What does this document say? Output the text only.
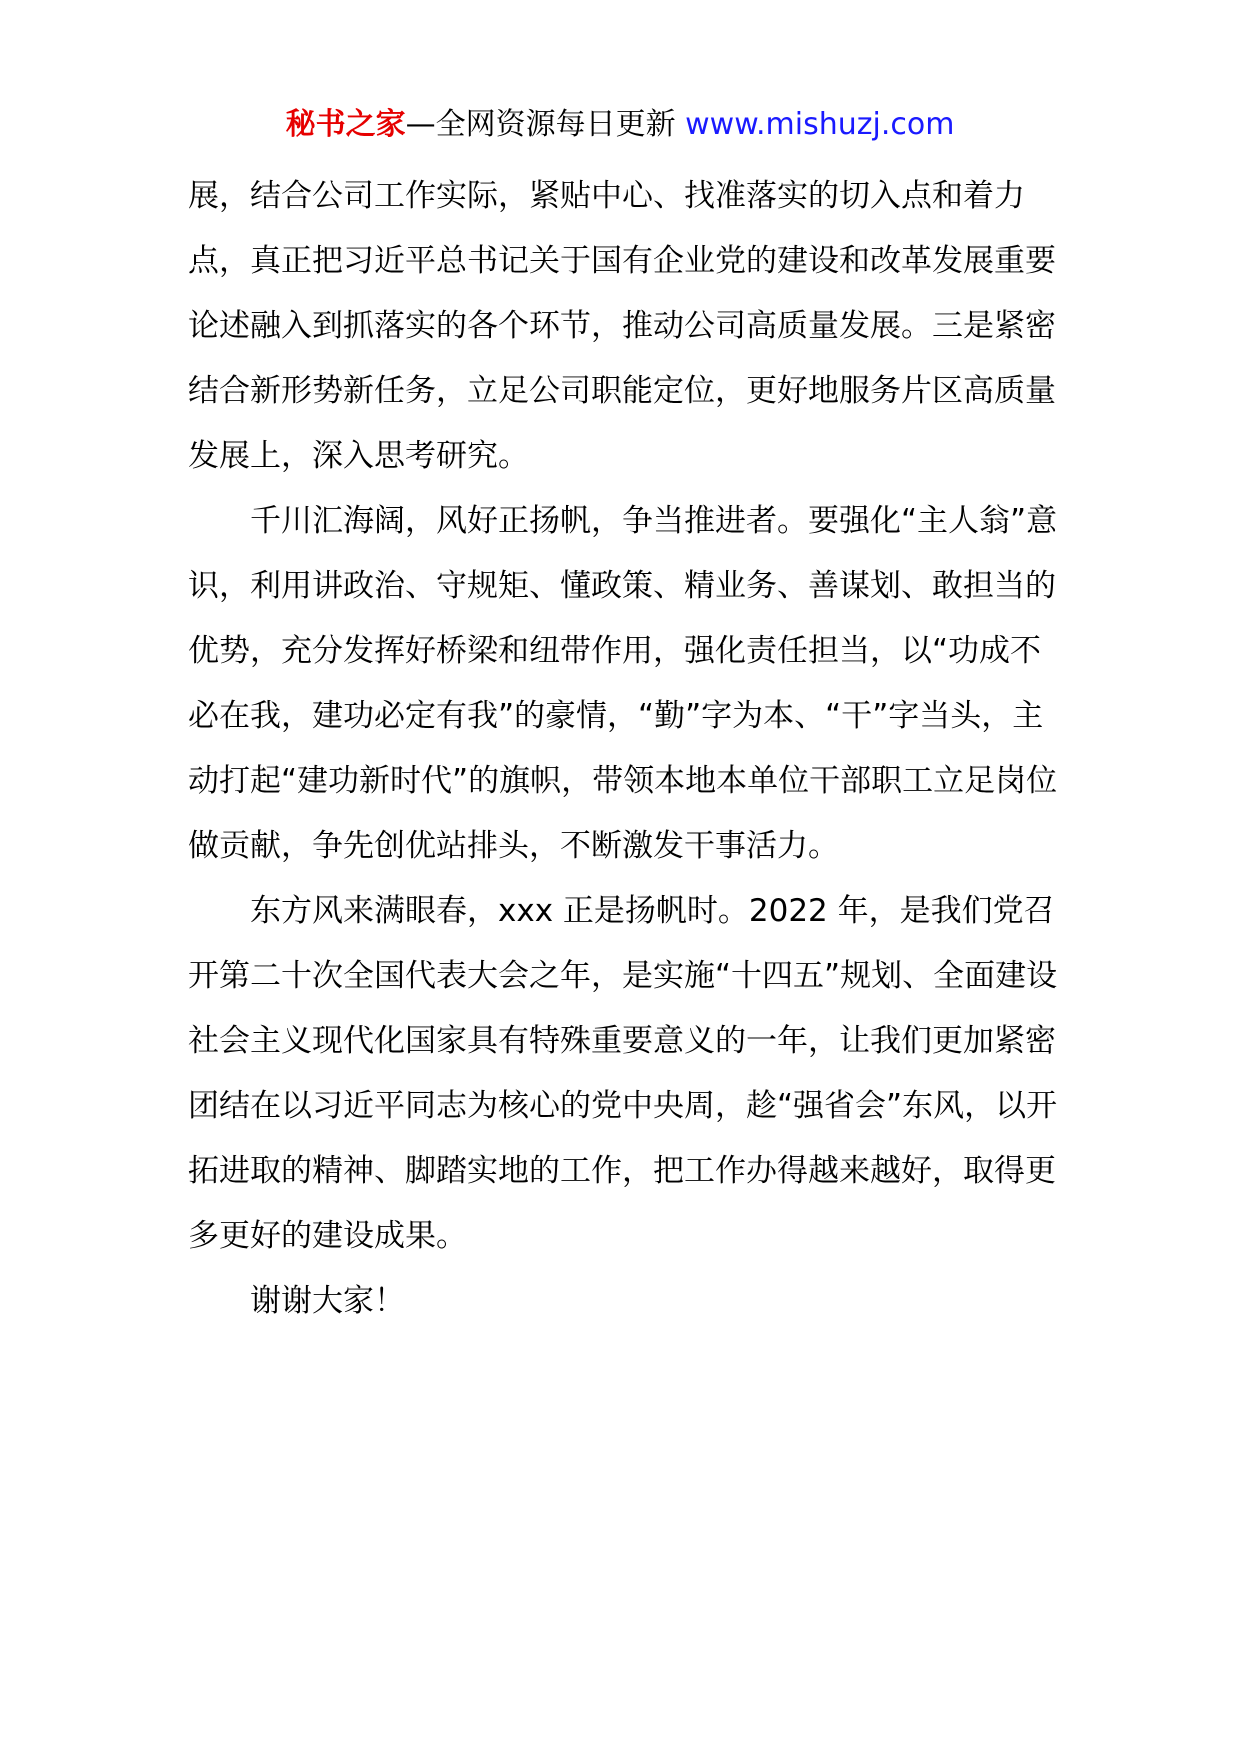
秘书之家—全网资源每日更新 www.mishuzj.com

展，结合公司工作实际，紧贴中心、找准落实的切入点和着力点，真正把习近平总书记关于国有企业党的建设和改革发展重要论述融入到抓落实的各个环节，推动公司高质量发展。三是紧密结合新形势新任务，立足公司职能定位，更好地服务片区高质量发展上，深入思考研究。

千川汇海阔，风好正扬帆，争当推进者。要强化“主人翁”意识，利用讲政治、守规矩、懂政策、精业务、善谋划、敢担当的优势，充分发挥好桥梁和纽带作用，强化责任担当，以“功成不必在我，建功必定有我”的豪情，“勤”字为本、“干”字当头，主动打起“建功新时代”的旗帜，带领本地本单位干部职工立足岗位做贡献，争先创优站排头，不断激发干事活力。

东方风来满眼春，xxx 正是扬帆时。2022 年，是我们党召开第二十次全国代表大会之年，是实施“十四五”规划、全面建设社会主义现代化国家具有特殊重要意义的一年，让我们更加紧密团结在以习近平同志为核心的党中央周，趁“强省会”东风，以开拓进取的精神、脚踏实地的工作，把工作办得越来越好，取得更多更好的建设成果。

谢谢大家！
